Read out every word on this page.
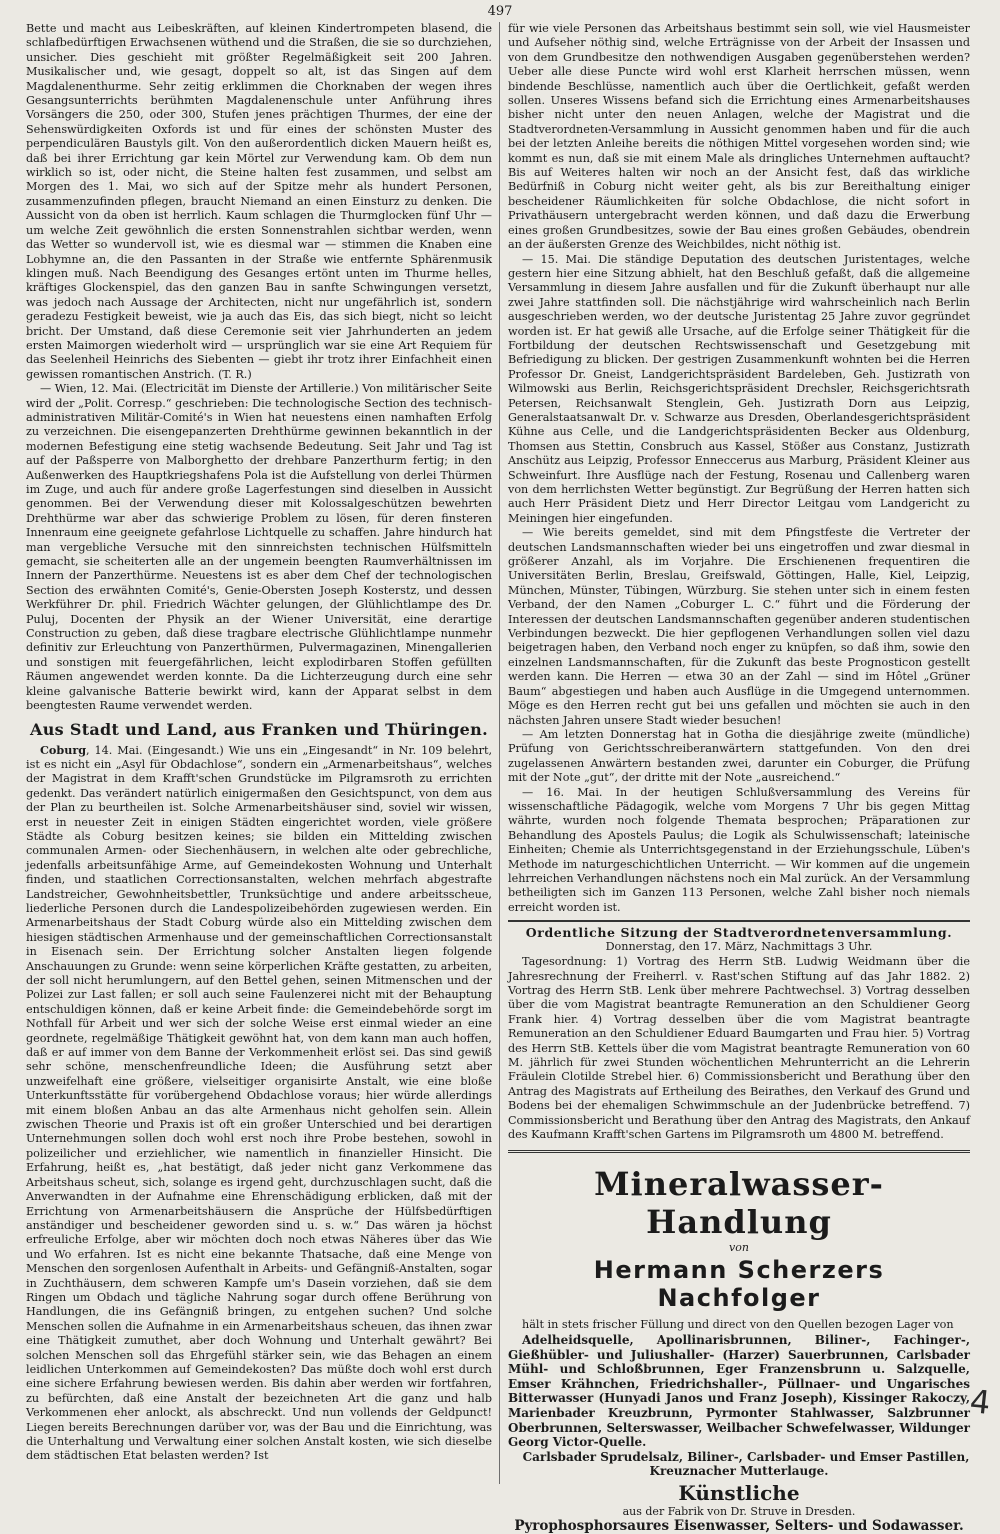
497

Bette und macht aus Leibeskräften, auf kleinen Kindertrompeten blasend, die schlafbedürftigen Erwachsenen wüthend und die Straßen, die sie so durchziehen, unsicher. Dies geschieht mit größter Regelmäßigkeit seit 200 Jahren. Musikalischer und, wie gesagt, doppelt so alt, ist das Singen auf dem Magdalenenthurme. Sehr zeitig erklimmen die Chorknaben der wegen ihres Gesangsunterrichts berühmten Magdalenenschule unter Anführung ihres Vorsängers die 250, oder 300, Stufen jenes prächtigen Thurmes, der eine der Sehenswürdigkeiten Oxfords ist und für eines der schönsten Muster des perpendiculären Baustyls gilt. Von den außerordentlich dicken Mauern heißt es, daß bei ihrer Errichtung gar kein Mörtel zur Verwendung kam. Ob dem nun wirklich so ist, oder nicht, die Steine halten fest zusammen, und selbst am Morgen des 1. Mai, wo sich auf der Spitze mehr als hundert Personen, zusammenzufinden pflegen, braucht Niemand an einen Einsturz zu denken. Die Aussicht von da oben ist herrlich. Kaum schlagen die Thurmglocken fünf Uhr — um welche Zeit gewöhnlich die ersten Sonnenstrahlen sichtbar werden, wenn das Wetter so wundervoll ist, wie es diesmal war — stimmen die Knaben eine Lobhymne an, die den Passanten in der Straße wie entfernte Sphärenmusik klingen muß. Nach Beendigung des Gesanges ertönt unten im Thurme helles, kräftiges Glockenspiel, das den ganzen Bau in sanfte Schwingungen versetzt, was jedoch nach Aussage der Architecten, nicht nur ungefährlich ist, sondern geradezu Festigkeit beweist, wie ja auch das Eis, das sich biegt, nicht so leicht bricht. Der Umstand, daß diese Ceremonie seit vier Jahrhunderten an jedem ersten Maimorgen wiederholt wird — ursprünglich war sie eine Art Requiem für das Seelenheil Heinrichs des Siebenten — giebt ihr trotz ihrer Einfachheit einen gewissen romantischen Anstrich. (T. R.)

— Wien, 12. Mai. (Electricität im Dienste der Artillerie.) Von militärischer Seite wird der „Polit. Corresp.“ geschrieben: Die technologische Section des technisch-administrativen Militär-Comité's in Wien hat neuestens einen namhaften Erfolg zu verzeichnen. Die eisengepanzerten Drehthürme gewinnen bekanntlich in der modernen Befestigung eine stetig wachsende Bedeutung. Seit Jahr und Tag ist auf der Paßsperre von Malborghetto der drehbare Panzerthurm fertig; in den Außenwerken des Hauptkriegshafens Pola ist die Aufstellung von derlei Thürmen im Zuge, und auch für andere große Lagerfestungen sind dieselben in Aussicht genommen. Bei der Verwendung dieser mit Kolossalgeschützen bewehrten Drehthürme war aber das schwierige Problem zu lösen, für deren finsteren Innenraum eine geeignete gefahrlose Lichtquelle zu schaffen. Jahre hindurch hat man vergebliche Versuche mit den sinnreichsten technischen Hülfsmitteln gemacht, sie scheiterten alle an der ungemein beengten Raumverhältnissen im Innern der Panzerthürme. Neuestens ist es aber dem Chef der technologischen Section des erwähnten Comité's, Genie-Obersten Joseph Kosterstz, und dessen Werkführer Dr. phil. Friedrich Wächter gelungen, der Glühlichtlampe des Dr. Puluj, Docenten der Physik an der Wiener Universität, eine derartige Construction zu geben, daß diese tragbare electrische Glühlichtlampe nunmehr definitiv zur Erleuchtung von Panzerthürmen, Pulvermagazinen, Minengallerien und sonstigen mit feuergefährlichen, leicht explodirbaren Stoffen gefüllten Räumen angewendet werden konnte. Da die Lichterzeugung durch eine sehr kleine galvanische Batterie bewirkt wird, kann der Apparat selbst in dem beengtesten Raume verwendet werden.

Aus Stadt und Land, aus Franken und Thüringen.

Coburg, 14. Mai. (Eingesandt.) Wie uns ein „Eingesandt“ in Nr. 109 belehrt, ist es nicht ein „Asyl für Obdachlose“, sondern ein „Armenarbeitshaus“, welches der Magistrat in dem Krafft'schen Grundstücke im Pilgramsroth zu errichten gedenkt. Das verändert natürlich einigermaßen den Gesichtspunct, von dem aus der Plan zu beurtheilen ist. Solche Armenarbeitshäuser sind, soviel wir wissen, erst in neuester Zeit in einigen Städten eingerichtet worden, viele größere Städte als Coburg besitzen keines; sie bilden ein Mittelding zwischen communalen Armen- oder Siechenhäusern, in welchen alte oder gebrechliche, jedenfalls arbeitsunfähige Arme, auf Gemeindekosten Wohnung und Unterhalt finden, und staatlichen Correctionsanstalten, welchen mehrfach abgestrafte Landstreicher, Gewohnheitsbettler, Trunksüchtige und andere arbeitsscheue, liederliche Personen durch die Landespolizeibehörden zugewiesen werden. Ein Armenarbeitshaus der Stadt Coburg würde also ein Mittelding zwischen dem hiesigen städtischen Armenhause und der gemeinschaftlichen Correctionsanstalt in Eisenach sein. Der Errichtung solcher Anstalten liegen folgende Anschauungen zu Grunde: wenn seine körperlichen Kräfte gestatten, zu arbeiten, der soll nicht herumlungern, auf den Bettel gehen, seinen Mitmenschen und der Polizei zur Last fallen; er soll auch seine Faulenzerei nicht mit der Behauptung entschuldigen können, daß er keine Arbeit finde: die Gemeindebehörde sorgt im Nothfall für Arbeit und wer sich der solche Weise erst einmal wieder an eine geordnete, regelmäßige Thätigkeit gewöhnt hat, von dem kann man auch hoffen, daß er auf immer von dem Banne der Verkommenheit erlöst sei. Das sind gewiß sehr schöne, menschenfreundliche Ideen; die Ausführung setzt aber unzweifelhaft eine größere, vielseitiger organisirte Anstalt, wie eine bloße Unterkunftsstätte für vorübergehend Obdachlose voraus; hier würde allerdings mit einem bloßen Anbau an das alte Armenhaus nicht geholfen sein. Allein zwischen Theorie und Praxis ist oft ein großer Unterschied und bei derartigen Unternehmungen sollen doch wohl erst noch ihre Probe bestehen, sowohl in polizeilicher und erziehlicher, wie namentlich in finanzieller Hinsicht. Die Erfahrung, heißt es, „hat bestätigt, daß jeder nicht ganz Verkommene das Arbeitshaus scheut, sich, solange es irgend geht, durchzuschlagen sucht, daß die Anverwandten in der Aufnahme eine Ehrenschädigung erblicken, daß mit der Errichtung von Armenarbeitshäusern die Ansprüche der Hülfsbedürftigen anständiger und bescheidener geworden sind u. s. w.“ Das wären ja höchst erfreuliche Erfolge, aber wir möchten doch noch etwas Näheres über das Wie und Wo erfahren. Ist es nicht eine bekannte Thatsache, daß eine Menge von Menschen den sorgenlosen Aufenthalt in Arbeits- und Gefängniß-Anstalten, sogar in Zuchthäusern, dem schweren Kampfe um's Dasein vorziehen, daß sie dem Ringen um Obdach und tägliche Nahrung sogar durch offene Berührung von Handlungen, die ins Gefängniß bringen, zu entgehen suchen? Und solche Menschen sollen die Aufnahme in ein Armenarbeitshaus scheuen, das ihnen zwar eine Thätigkeit zumuthet, aber doch Wohnung und Unterhalt gewährt? Bei solchen Menschen soll das Ehrgefühl stärker sein, wie das Behagen an einem leidlichen Unterkommen auf Gemeindekosten? Das müßte doch wohl erst durch eine sichere Erfahrung bewiesen werden. Bis dahin aber werden wir fortfahren, zu befürchten, daß eine Anstalt der bezeichneten Art die ganz und halb Verkommenen eher anlockt, als abschreckt. Und nun vollends der Geldpunct! Liegen bereits Berechnungen darüber vor, was der Bau und die Einrichtung, was die Unterhaltung und Verwaltung einer solchen Anstalt kosten, wie sich dieselbe dem städtischen Etat belasten werden? Ist

für wie viele Personen das Arbeitshaus bestimmt sein soll, wie viel Hausmeister und Aufseher nöthig sind, welche Erträgnisse von der Arbeit der Insassen und von dem Grundbesitze den nothwendigen Ausgaben gegenüberstehen werden? Ueber alle diese Puncte wird wohl erst Klarheit herrschen müssen, wenn bindende Beschlüsse, namentlich auch über die Oertlichkeit, gefaßt werden sollen. Unseres Wissens befand sich die Errichtung eines Armenarbeitshauses bisher nicht unter den neuen Anlagen, welche der Magistrat und die Stadtverordneten-Versammlung in Aussicht genommen haben und für die auch bei der letzten Anleihe bereits die nöthigen Mittel vorgesehen worden sind; wie kommt es nun, daß sie mit einem Male als dringliches Unternehmen auftaucht? Bis auf Weiteres halten wir noch an der Ansicht fest, daß das wirkliche Bedürfniß in Coburg nicht weiter geht, als bis zur Bereithaltung einiger bescheidener Räumlichkeiten für solche Obdachlose, die nicht sofort in Privathäusern untergebracht werden können, und daß dazu die Erwerbung eines großen Grundbesitzes, sowie der Bau eines großen Gebäudes, obendrein an der äußersten Grenze des Weichbildes, nicht nöthig ist.

— 15. Mai. Die ständige Deputation des deutschen Juristentages, welche gestern hier eine Sitzung abhielt, hat den Beschluß gefaßt, daß die allgemeine Versammlung in diesem Jahre ausfallen und für die Zukunft überhaupt nur alle zwei Jahre stattfinden soll. Die nächstjährige wird wahrscheinlich nach Berlin ausgeschrieben werden, wo der deutsche Juristentag 25 Jahre zuvor gegründet worden ist. Er hat gewiß alle Ursache, auf die Erfolge seiner Thätigkeit für die Fortbildung der deutschen Rechtswissenschaft und Gesetzgebung mit Befriedigung zu blicken. Der gestrigen Zusammenkunft wohnten bei die Herren Professor Dr. Gneist, Landgerichtspräsident Bardeleben, Geh. Justizrath von Wilmowski aus Berlin, Reichsgerichtspräsident Drechsler, Reichsgerichtsrath Petersen, Reichsanwalt Stenglein, Geh. Justizrath Dorn aus Leipzig, Generalstaatsanwalt Dr. v. Schwarze aus Dresden, Oberlandesgerichtspräsident Kühne aus Celle, und die Landgerichtspräsidenten Becker aus Oldenburg, Thomsen aus Stettin, Consbruch aus Kassel, Stößer aus Constanz, Justizrath Anschütz aus Leipzig, Professor Enneccerus aus Marburg, Präsident Kleiner aus Schweinfurt. Ihre Ausflüge nach der Festung, Rosenau und Callenberg waren von dem herrlichsten Wetter begünstigt. Zur Begrüßung der Herren hatten sich auch Herr Präsident Dietz und Herr Director Leitgau vom Landgericht zu Meiningen hier eingefunden.

— Wie bereits gemeldet, sind mit dem Pfingstfeste die Vertreter der deutschen Landsmannschaften wieder bei uns eingetroffen und zwar diesmal in größerer Anzahl, als im Vorjahre. Die Erschienenen frequentiren die Universitäten Berlin, Breslau, Greifswald, Göttingen, Halle, Kiel, Leipzig, München, Münster, Tübingen, Würzburg. Sie stehen unter sich in einem festen Verband, der den Namen „Coburger L. C.“ führt und die Förderung der Interessen der deutschen Landsmannschaften gegenüber anderen studentischen Verbindungen bezweckt. Die hier gepflogenen Verhandlungen sollen viel dazu beigetragen haben, den Verband noch enger zu knüpfen, so daß ihm, sowie den einzelnen Landsmannschaften, für die Zukunft das beste Prognosticon gestellt werden kann. Die Herren — etwa 30 an der Zahl — sind im Hôtel „Grüner Baum“ abgestiegen und haben auch Ausflüge in die Umgegend unternommen. Möge es den Herren recht gut bei uns gefallen und möchten sie auch in den nächsten Jahren unsere Stadt wieder besuchen!

— Am letzten Donnerstag hat in Gotha die diesjährige zweite (mündliche) Prüfung von Gerichtsschreiberanwärtern stattgefunden. Von den drei zugelassenen Anwärtern bestanden zwei, darunter ein Coburger, die Prüfung mit der Note „gut“, der dritte mit der Note „ausreichend.“

— 16. Mai. In der heutigen Schlußversammlung des Vereins für wissenschaftliche Pädagogik, welche vom Morgens 7 Uhr bis gegen Mittag währte, wurden noch folgende Themata besprochen; Präparationen zur Behandlung des Apostels Paulus; die Logik als Schulwissenschaft; lateinische Einheiten; Chemie als Unterrichtsgegenstand in der Erziehungsschule, Lüben's Methode im naturgeschichtlichen Unterricht. — Wir kommen auf die ungemein lehrreichen Verhandlungen nächstens noch ein Mal zurück. An der Versammlung betheiligten sich im Ganzen 113 Personen, welche Zahl bisher noch niemals erreicht worden ist.

Ordentliche Sitzung der Stadtverordnetenversammlung.
Donnerstag, den 17. März, Nachmittags 3 Uhr.

Tagesordnung: 1) Vortrag des Herrn StB. Ludwig Weidmann über die Jahresrechnung der Freiherrl. v. Rast'schen Stiftung auf das Jahr 1882. 2) Vortrag des Herrn StB. Lenk über mehrere Pachtwechsel. 3) Vortrag desselben über die vom Magistrat beantragte Remuneration an den Schuldiener Georg Frank hier. 4) Vortrag desselben über die vom Magistrat beantragte Remuneration an den Schuldiener Eduard Baumgarten und Frau hier. 5) Vortrag des Herrn StB. Kettels über die vom Magistrat beantragte Remuneration von 60 M. jährlich für zwei Stunden wöchentlichen Mehrunterricht an die Lehrerin Fräulein Clotilde Strebel hier. 6) Commissionsbericht und Berathung über den Antrag des Magistrats auf Ertheilung des Beirathes, den Verkauf des Grund und Bodens bei der ehemaligen Schwimmschule an der Judenbrücke betreffend. 7) Commissionsbericht und Berathung über den Antrag des Magistrats, den Ankauf des Kaufmann Krafft'schen Gartens im Pilgramsroth um 4800 M. betreffend.

Mineralwasser-Handlung
von
Hermann Scherzers Nachfolger

hält in stets frischer Füllung und direct von den Quellen bezogen Lager von

Adelheidsquelle, Apollinarisbrunnen, Biliner-, Fachinger-, Gießhübler- und Juliushaller- (Harzer) Sauerbrunnen, Carlsbader Mühl- und Schloßbrunnen, Eger Franzensbrunn u. Salzquelle, Emser Krähnchen, Friedrichshaller-, Püllnaer- und Ungarisches Bitterwasser (Hunyadi Janos und Franz Joseph), Kissinger Rakoczy, Marienbader Kreuzbrunn, Pyrmonter Stahlwasser, Salzbrunner Oberbrunnen, Selterswasser, Weilbacher Schwefelwasser, Wildunger Georg Victor-Quelle.

Carlsbader Sprudelsalz, Biliner-, Carlsbader- und Emser Pastillen, Kreuznacher Mutterlauge.

Künstliche
aus der Fabrik von Dr. Struve in Dresden.
Pyrophosphorsaures Eisenwasser, Selters- und Sodawasser.
4
